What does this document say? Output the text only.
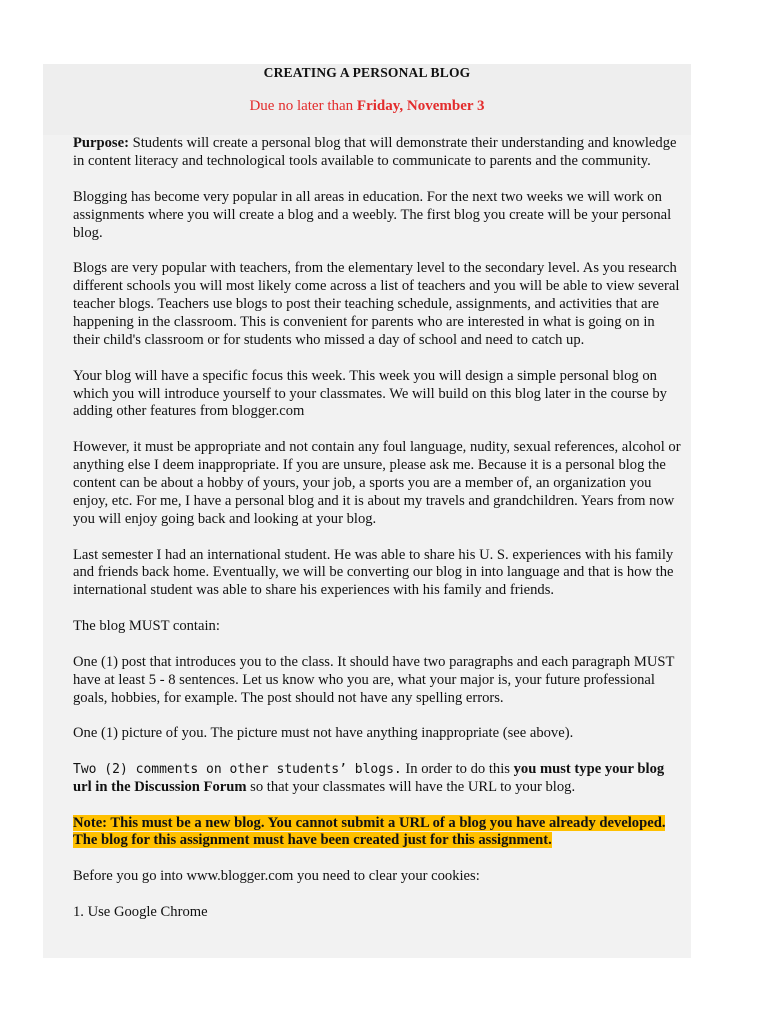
CREATING A PERSONAL BLOG
Due no later than Friday, November 3

Purpose: Students will create a personal blog that will demonstrate their understanding and knowledge in content literacy and technological tools available to communicate to parents and the community.

Blogging has become very popular in all areas in education. For the next two weeks we will work on assignments where you will create a blog and a weebly. The first blog you create will be your personal blog.

Blogs are very popular with teachers, from the elementary level to the secondary level. As you research different schools you will most likely come across a list of teachers and you will be able to view several teacher blogs. Teachers use blogs to post their teaching schedule, assignments, and activities that are happening in the classroom. This is convenient for parents who are interested in what is going on in their child's classroom or for students who missed a day of school and need to catch up.

Your blog will have a specific focus this week. This week you will design a simple personal blog on which you will introduce yourself to your classmates. We will build on this blog later in the course by adding other features from blogger.com

However, it must be appropriate and not contain any foul language, nudity, sexual references, alcohol or anything else I deem inappropriate. If you are unsure, please ask me. Because it is a personal blog the content can be about a hobby of yours, your job, a sports you are a member of, an organization you enjoy, etc. For me, I have a personal blog and it is about my travels and grandchildren. Years from now you will enjoy going back and looking at your blog.

Last semester I had an international student. He was able to share his U. S. experiences with his family and friends back home. Eventually, we will be converting our blog in into language and that is how the international student was able to share his experiences with his family and friends.

The blog MUST contain:

One (1) post that introduces you to the class. It should have two paragraphs and each paragraph MUST have at least 5 - 8 sentences. Let us know who you are, what your major is, your future professional goals, hobbies, for example. The post should not have any spelling errors.

One (1) picture of you. The picture must not have anything inappropriate (see above).

Two (2) comments on other students’ blogs. In order to do this you must type your blog url in the Discussion Forum so that your classmates will have the URL to your blog.

Note: This must be a new blog. You cannot submit a URL of a blog you have already developed. The blog for this assignment must have been created just for this assignment.

Before you go into www.blogger.com you need to clear your cookies:

1. Use Google Chrome
